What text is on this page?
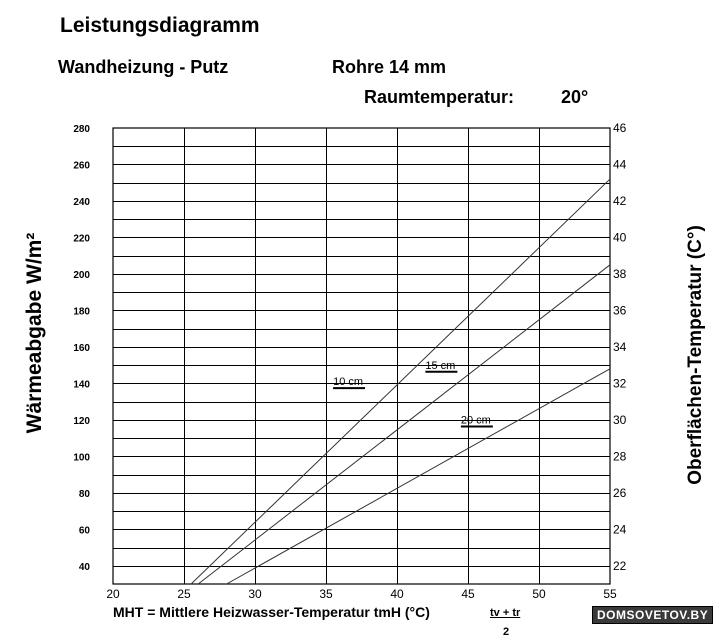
Leistungsdiagramm
Wandheizung - Putz	Rohre 14 mm
Raumtemperatur:	20°
40
60
80
100
120
140
160
180
200
220
240
260
280
22
24
26
28
30
32
34
36
38
40
42
44
46
20	25	30	35	40	45	50	55
10 cm
15 cm
20 cm
Wärmeabgabe W/m²	Oberflächen-Temperatur (C°)
MHT = Mittlere Heizwasser-Temperatur tmH (°C)	tv + tr
2
DOMSOVETOV.BY
